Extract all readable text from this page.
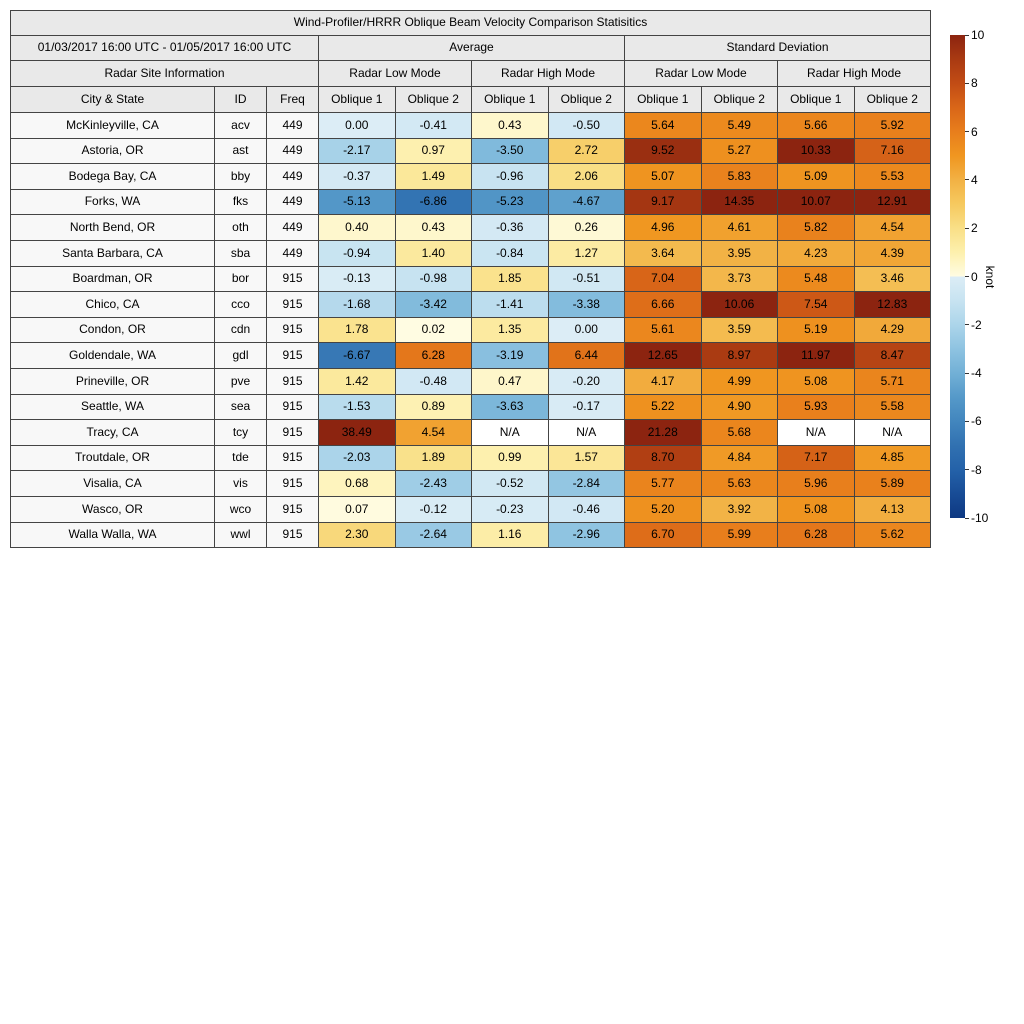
Wind-Profiler/HRRR Oblique Beam Velocity Comparison Statisitics										
01/03/2017 16:00 UTC - 01/05/2017 16:00 UTC			Average				Standard Deviation			
Radar Site Information			Radar Low Mode		Radar High Mode		Radar Low Mode		Radar High Mode	
City & State	ID	Freq	Oblique 1	Oblique 2	Oblique 1	Oblique 2	Oblique 1	Oblique 2	Oblique 1	Oblique 2
McKinleyville, CA	acv	449	0.00	-0.41	0.43	-0.50	5.64	5.49	5.66	5.92
Astoria, OR	ast	449	-2.17	0.97	-3.50	2.72	9.52	5.27	10.33	7.16
Bodega Bay, CA	bby	449	-0.37	1.49	-0.96	2.06	5.07	5.83	5.09	5.53
Forks, WA	fks	449	-5.13	-6.86	-5.23	-4.67	9.17	14.35	10.07	12.91
North Bend, OR	oth	449	0.40	0.43	-0.36	0.26	4.96	4.61	5.82	4.54
Santa Barbara, CA	sba	449	-0.94	1.40	-0.84	1.27	3.64	3.95	4.23	4.39
Boardman, OR	bor	915	-0.13	-0.98	1.85	-0.51	7.04	3.73	5.48	3.46
Chico, CA	cco	915	-1.68	-3.42	-1.41	-3.38	6.66	10.06	7.54	12.83
Condon, OR	cdn	915	1.78	0.02	1.35	0.00	5.61	3.59	5.19	4.29
Goldendale, WA	gdl	915	-6.67	6.28	-3.19	6.44	12.65	8.97	11.97	8.47
Prineville, OR	pve	915	1.42	-0.48	0.47	-0.20	4.17	4.99	5.08	5.71
Seattle, WA	sea	915	-1.53	0.89	-3.63	-0.17	5.22	4.90	5.93	5.58
Tracy, CA	tcy	915	38.49	4.54	N/A	N/A	21.28	5.68	N/A	N/A
Troutdale, OR	tde	915	-2.03	1.89	0.99	1.57	8.70	4.84	7.17	4.85
Visalia, CA	vis	915	0.68	-2.43	-0.52	-2.84	5.77	5.63	5.96	5.89
Wasco, OR	wco	915	0.07	-0.12	-0.23	-0.46	5.20	3.92	5.08	4.13
Walla Walla, WA	wwl	915	2.30	-2.64	1.16	-2.96	6.70	5.99	6.28	5.62
10
8
6
4
2
0
-2
-4
-6
-8
-10
knot
